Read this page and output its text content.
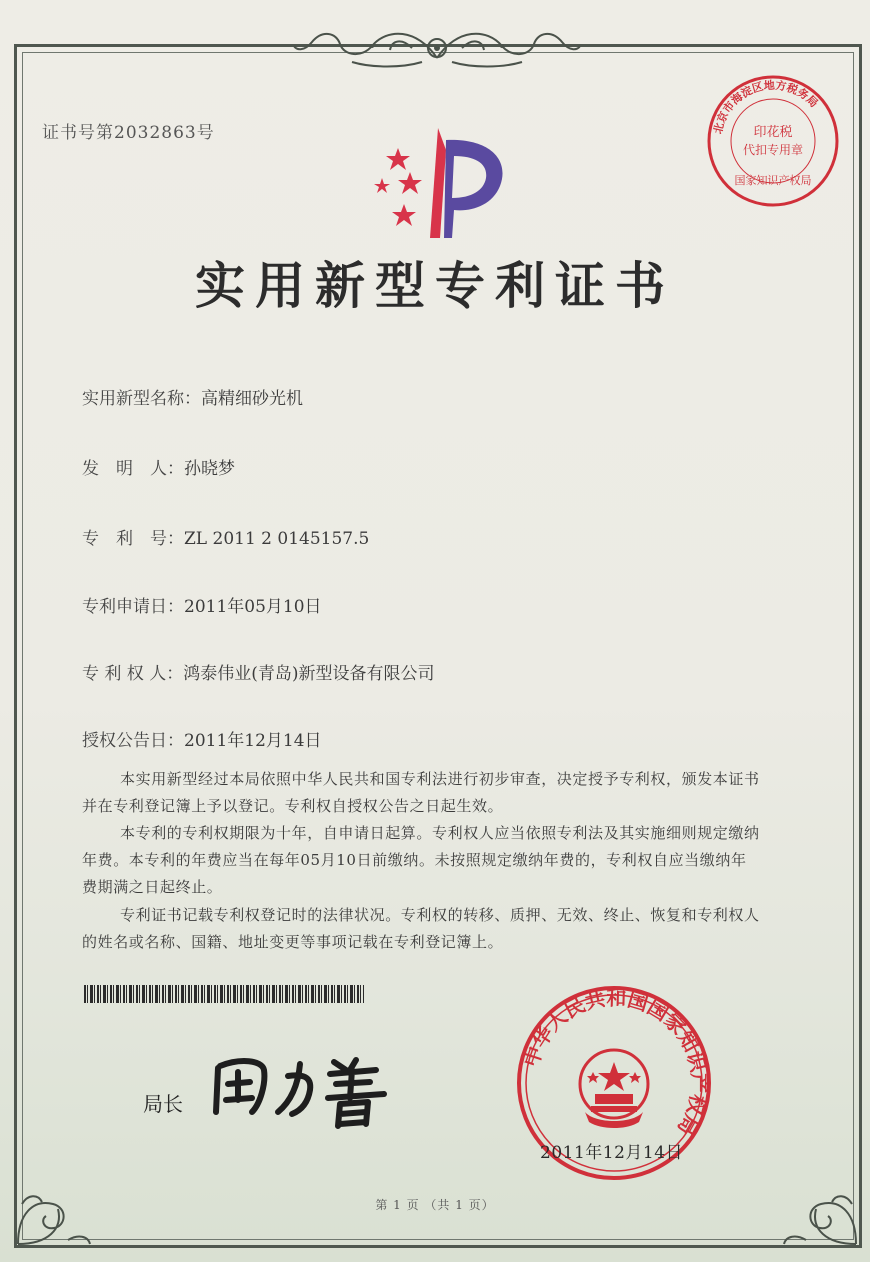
证书号第2032863号	北京市海淀区地方税务局
印花税
代扣专用章
国家知识产权局
实用新型专利证书
实用新型名称：高精细砂光机
发　明　人：孙晓梦
专　利　号：ZL 2011 2 0145157.5
专利申请日：2011年05月10日
专 利 权 人：鸿泰伟业(青岛)新型设备有限公司
授权公告日：2011年12月14日
本实用新型经过本局依照中华人民共和国专利法进行初步审查，决定授予专利权，颁发本证书并在专利登记簿上予以登记。专利权自授权公告之日起生效。
本专利的专利权期限为十年，自申请日起算。专利权人应当依照专利法及其实施细则规定缴纳年费。本专利的年费应当在每年05月10日前缴纳。未按照规定缴纳年费的，专利权自应当缴纳年费期满之日起终止。
专利证书记载专利权登记时的法律状况。专利权的转移、质押、无效、终止、恢复和专利权人的姓名或名称、国籍、地址变更等事项记载在专利登记簿上。
局长
中华人民共和国国家知识产权局
2011年12月14日
第 1 页 （共 1 页）
